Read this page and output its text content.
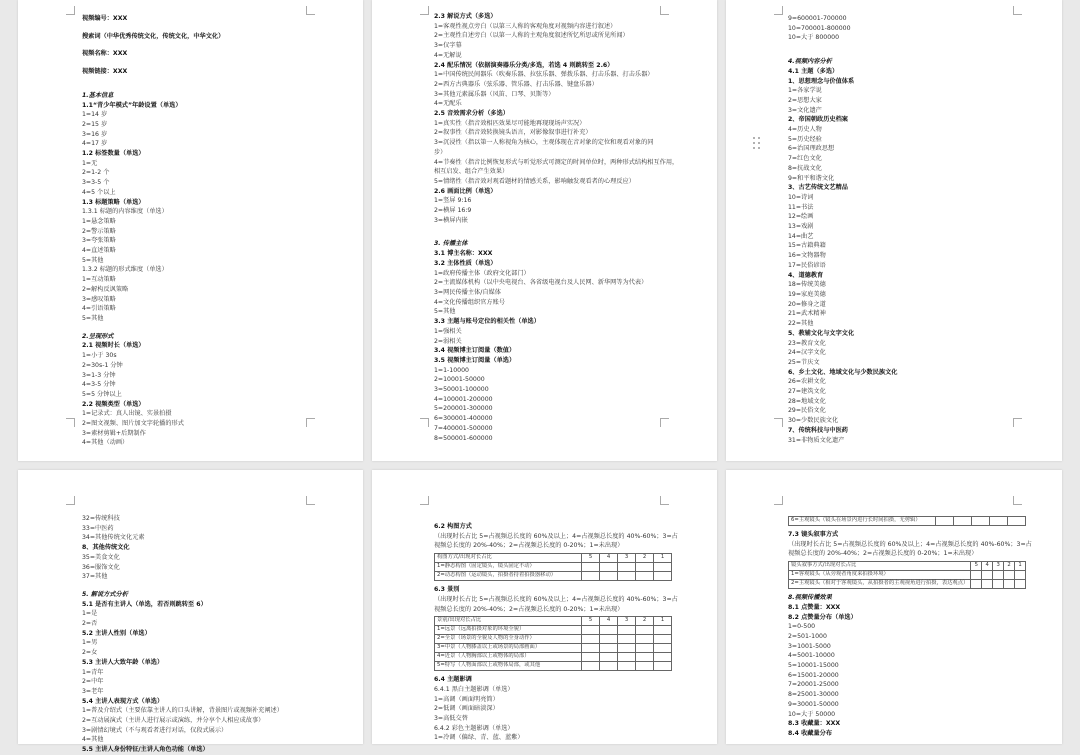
视频编号：XXX
搜索词（中华优秀传统文化，传统文化，中华文化）
视频名称：XXX
视频链接：XXX
1.基本信息
1.1“青少年模式”年龄设置（单选）
1=14 岁
2=15 岁
3=16 岁
4=17 岁
1.2 标签数量（单选）
1=无
2=1-2 个
3=3-5 个
4=5 个以上
1.3 标题策略（单选）
1.3.1 标题的内容维度（单选）
1=悬念策略
2=警示策略
3=夸张策略
4=直述策略
5=其他
1.3.2 标题的形式维度（单选）
1=互动策略
2=解构反讽策略
3=感叹策略
4=引语策略
5=其他
2.呈现形式
2.1 视频时长（单选）
1=小于 30s
2=30s-1 分钟
3=1-3 分钟
4=3-5 分钟
5=5 分钟以上
2.2 视频类型（单选）
1=记录式：真人出镜、实景拍摄
2=图文视频、图片加文字轮播的形式
3=素材剪辑+后期制作
4=其他（动画）
2.3 解说方式（多选）
1=客观性视点旁白（以第三人称的客观角度对视频内容进行叙述）
2=主观性自述旁白（以第一人称的主观角度叙述所忆所思或所见所闻）
3=仅字幕
4=无解说
2.4 配乐情况（依据演奏器乐分类/多选，若选 4 则跳转至 2.6）
1=中国传统民间器乐（吹奏乐器、拉弦乐器、弹拨乐器、打击乐器、打击乐器）
2=西方古典器乐（弦乐器、管乐器、打击乐器、键盘乐器）
3=其他元素属乐器（风笛、口琴、贝斯等）
4=无配乐
2.5 音效需求分析（多选）
1=真实性（指音效相匹效果尽可能地再现现场声实况）
2=叙事性（指音效转换镜头语言，对影像叙事进行补充）
3=沉浸性（指以第一人称视角为核心，主观体现在音对象的定位和观看对象的同
步）
4=节奏性（指音比例恢复形式与听觉形式可测定的时间单位时，两种形式结构相互作用，
相互启发、组合产生效果）
5=情绪性（指音效对观看题材的情感关系，影响触发观看者的心理反应）
2.6 画面比例（单选）
1=竖屏 9:16
2=横屏 16:9
3=横屏内嵌
3. 传播主体
3.1 博主名称：XXX
3.2 主体性质（单选）
1=政府传播主体（政府文化部门）
2=主流媒体机构（以中央电视台、各省级电视台及人民网、新华网等为代表）
3=网民传播主体/自媒体
4=文化传播组织官方账号
5=其他
3.3 主题与账号定位的相关性（单选）
1=强相关
2=弱相关
3.4 视频博主订阅量（数值）
3.5 视频博主订阅量（单选）
1=1-10000
2=10001-50000
3=50001-100000
4=100001-200000
5=200001-300000
6=300001-400000
7=400001-500000
8=500001-600000
9=600001-700000
10=700001-800000
10=大于 800000
4.视频内容分析
4.1 主题（多选）
1、思想理念与价值体系
1=各家学说
2=思想大家
3=文化遗产
2、帝国朝政历史档案
4=历史人物
5=历史经验
6=治国理政思想
7=红色文化
8=抗战文化
9=和平和谐文化
3、古艺传统文艺精品
10=诗词
11=书法
12=绘画
13=戏剧
14=曲艺
15=古籍典籍
16=文物器物
17=民俗谚语
4、道德教育
18=传统美德
19=家庭美德
20=修身之道
21=武术精神
22=其他
5、教辅文化与文字文化
23=教育文化
24=汉字文化
25=节庆文
6、乡土文化、地域文化与少数民族文化
26=农耕文化
27=建筑文化
28=地域文化
29=民俗文化
30=少数民族文化
7、传统科技与中医药
31=非物质文化遗产
32=传统科技
33=中医药
34=其他传统文化元素
8、其他传统文化
35=美食文化
36=服饰文化
37=其他
5. 解说方式分析
5.1 是否有主讲人（单选，若否则跳转至 6）
1=是
2=否
5.2 主讲人性别（单选）
1=男
2=女
5.3 主讲人大致年龄（单选）
1=青年
2=中年
3=老年
5.4 主讲人表现方式（单选）
1=普及介绍式（主要依靠主讲人的口头讲解，背景图片或视频补充阐述）
2=互动展演式（主讲人进行展示或演练，并分享个人相应成故事）
3=剧情幻境式（不与观看者进行对话，仅段式展示）
4=其他
5.5 主讲人身份特征/主讲人角色功能（单选）
6.2 构图方式
（出现时长占比 5=占视频总长度的 60%及以上；4=占视频总长度的 40%-60%；3=占
视频总长度的 20%-40%；2=占视频总长度的 0-20%；1=未出现）
构图方式/出现对长占比	5	4	3	2	1
1=静态构图（固定镜头，镜头固定不动）					
2=动态构图（运动镜头，拍摄者持着拍摄器移动）					
6.3 景别
（出现时长占比 5=占视频总长度的 60%及以上；4=占视频总长度的 40%-60%；3=占
视频总长度的 20%-40%；2=占视频总长度的 0-20%；1=未出现）
景别/出现对长占比	5	4	3	2	1
1=远景（远离拍摄对象的环境全貌）					
2=全景（场景的全貌及人物的全身动作）					
3=中景（人物膝盖以上或场景的局部画面）					
4=近景（人物胸部以上或物体的局部）					
5=特写（人物面部以上或物体局部，或其他					
6.4 主题影调
6.4.1 黑白主题影调（单选）
1=高调（画面明亮简）
2=低调（画面暗淡深）
3=高低交替
6.4.2 彩色主题影调（单选）
1=冷调（偏绿、青、蓝、蓝紫）
6=主观镜头（镜头在场景内进行长时间拍摄，无剪辑）					
7.3 镜头叙事方式
（出现时长占比 5=占视频总长度的 60%及以上；4=占视频总长度的 40%-60%；3=占
视频总长度的 20%-40%；2=占视频总长度的 0-20%；1=未出现）
镜头叙事方式/出现对长占比	5	4	3	2	1
1=客观镜头（从旁观者角度来拍摄环境）					
2=主观镜头（相对于客观镜头，从拍摄者的主观视角进行拍摄，表达观点）					
8.视频传播效果
8.1 点赞量：XXX
8.2 点赞量分布（单选）
1=0-500
2=501-1000
3=1001-5000
4=5001-10000
5=10001-15000
6=15001-20000
7=20001-25000
8=25001-30000
9=30001-50000
10=大于 50000
8.3 收藏量：XXX
8.4 收藏量分布
